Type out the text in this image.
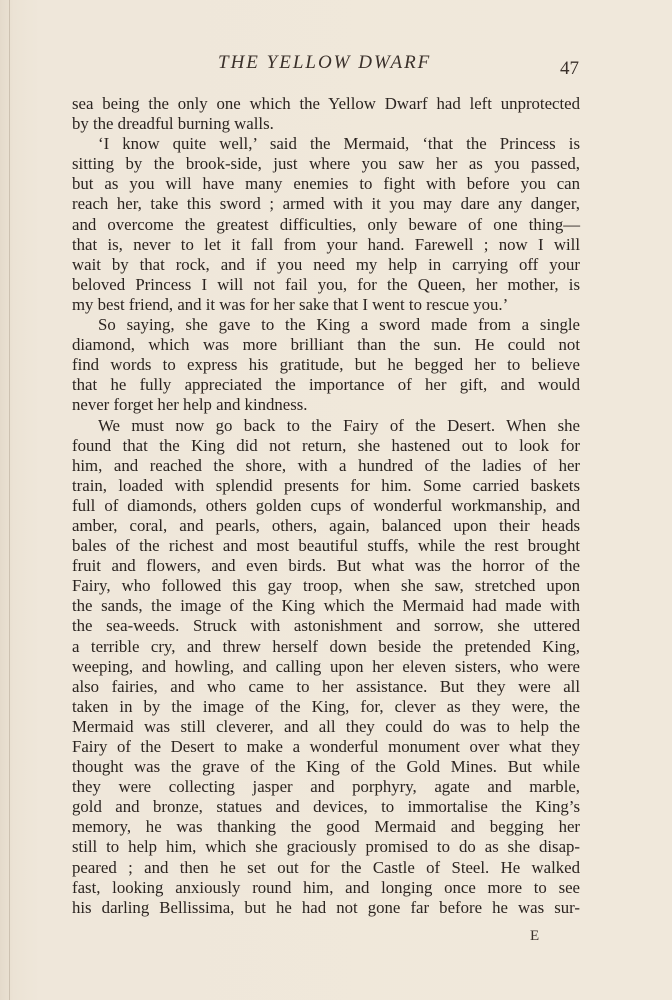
THE YELLOW DWARF	47
sea being the only one which the Yellow Dwarf had left unprotected
by the dreadful burning walls.
‘I know quite well,’ said the Mermaid, ‘that the Princess is
sitting by the brook-side, just where you saw her as you passed,
but as you will have many enemies to fight with before you can
reach her, take this sword ; armed with it you may dare any danger,
and overcome the greatest difficulties, only beware of one thing—
that is, never to let it fall from your hand. Farewell ; now I will
wait by that rock, and if you need my help in carrying off your
beloved Princess I will not fail you, for the Queen, her mother, is
my best friend, and it was for her sake that I went to rescue you.’
So saying, she gave to the King a sword made from a single
diamond, which was more brilliant than the sun. He could not
find words to express his gratitude, but he begged her to believe
that he fully appreciated the importance of her gift, and would
never forget her help and kindness.
We must now go back to the Fairy of the Desert. When she
found that the King did not return, she hastened out to look for
him, and reached the shore, with a hundred of the ladies of her
train, loaded with splendid presents for him. Some carried baskets
full of diamonds, others golden cups of wonderful workmanship, and
amber, coral, and pearls, others, again, balanced upon their heads
bales of the richest and most beautiful stuffs, while the rest brought
fruit and flowers, and even birds. But what was the horror of the
Fairy, who followed this gay troop, when she saw, stretched upon
the sands, the image of the King which the Mermaid had made with
the sea-weeds. Struck with astonishment and sorrow, she uttered
a terrible cry, and threw herself down beside the pretended King,
weeping, and howling, and calling upon her eleven sisters, who were
also fairies, and who came to her assistance. But they were all
taken in by the image of the King, for, clever as they were, the
Mermaid was still cleverer, and all they could do was to help the
Fairy of the Desert to make a wonderful monument over what they
thought was the grave of the King of the Gold Mines. But while
they were collecting jasper and porphyry, agate and marble,
gold and bronze, statues and devices, to immortalise the King’s
memory, he was thanking the good Mermaid and begging her
still to help him, which she graciously promised to do as she disap-
peared ; and then he set out for the Castle of Steel. He walked
fast, looking anxiously round him, and longing once more to see
his darling Bellissima, but he had not gone far before he was sur-
E
